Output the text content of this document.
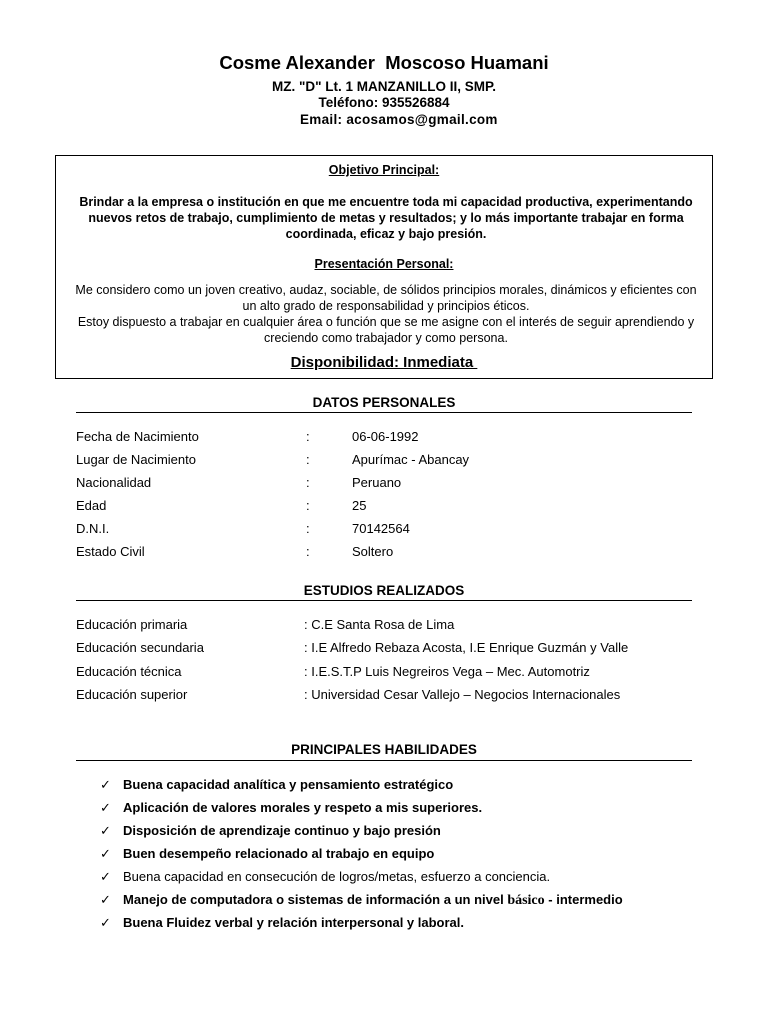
Cosme Alexander  Moscoso Huamani
MZ. "D" Lt. 1 MANZANILLO II, SMP.
Teléfono: 935526884
Email: acosamos@gmail.com
Objetivo Principal:
Brindar a la empresa o institución en que me encuentre toda mi capacidad productiva, experimentando nuevos retos de trabajo, cumplimiento de metas y resultados; y lo más importante trabajar en forma coordinada, eficaz y bajo presión.
Presentación Personal:
Me considero como un joven creativo, audaz, sociable, de sólidos principios morales, dinámicos y eficientes con un alto grado de responsabilidad y principios éticos.
Estoy dispuesto a trabajar en cualquier área o función que se me asigne con el interés de seguir aprendiendo y creciendo como trabajador y como persona.
Disponibilidad: Inmediata
DATOS PERSONALES
Fecha de Nacimiento	:	06-06-1992
Lugar de Nacimiento	:	Apurímac - Abancay
Nacionalidad	:	Peruano
Edad	:	25
D.N.I.	:	70142564
Estado Civil	:	Soltero
ESTUDIOS REALIZADOS
Educación primaria	: C.E Santa Rosa de Lima
Educación secundaria	: I.E Alfredo Rebaza Acosta, I.E Enrique Guzmán y Valle
Educación técnica	: I.E.S.T.P Luis Negreiros Vega – Mec. Automotriz
Educación superior	: Universidad Cesar Vallejo – Negocios Internacionales
PRINCIPALES HABILIDADES
✓ Buena capacidad analítica y pensamiento estratégico
✓ Aplicación de valores morales y respeto a mis superiores.
✓ Disposición de aprendizaje continuo y bajo presión
✓ Buen desempeño relacionado al trabajo en equipo
✓ Buena capacidad en consecución de logros/metas, esfuerzo a conciencia.
✓ Manejo de computadora o sistemas de información a un nivel básico - intermedio
✓ Buena Fluidez verbal y relación interpersonal y laboral.
